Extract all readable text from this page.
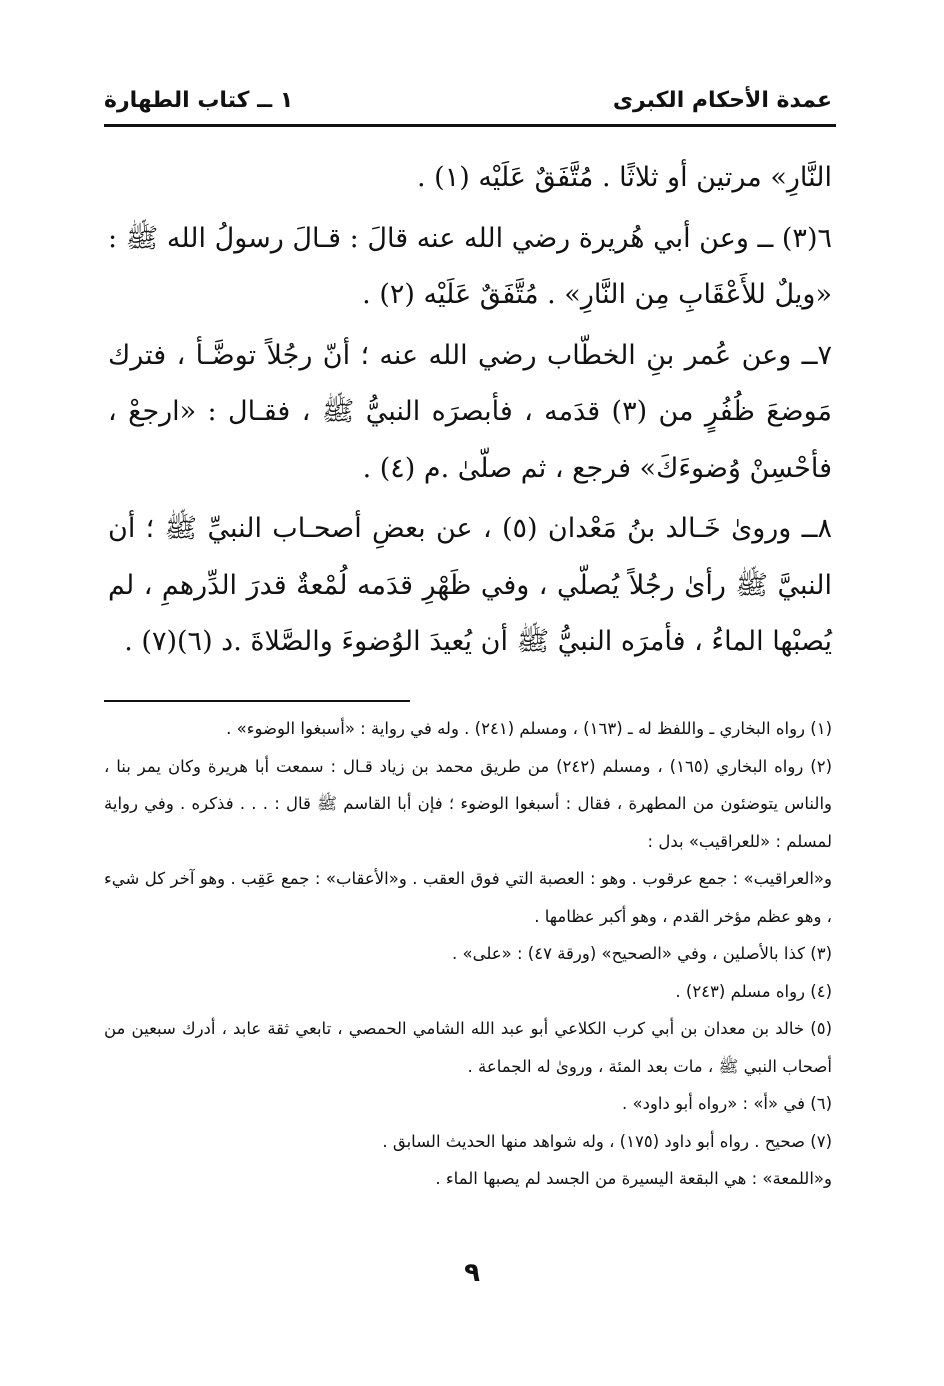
عمدة الأحكام الكبرى
١ ــ كتاب الطهارة

النَّارِ» مرتين أو ثلاثًا . مُتَّفَقٌ عَلَيْه (١) .

٦(٣) ــ وعن أبي هُريرة رضي الله عنه قالَ : قـالَ رسولُ الله ﷺ : «ويلٌ للأَعْقَابِ مِن النَّارِ» . مُتَّفَقٌ عَلَيْه (٢) .

٧ــ وعن عُمر بنِ الخطّاب رضي الله عنه ؛ أنّ رجُلاً توضَّـأ ، فترك مَوضعَ ظُفُرٍ من (٣) قدَمه ، فأبصرَه النبيُّ ﷺ ، فقـال : «ارجعْ ، فأحْسِنْ وُضوءَكَ» فرجع ، ثم صلّىٰ .م (٤) .

٨ــ وروىٰ خَـالد بنُ مَعْدان (٥) ، عن بعضِ أصحـاب النبيِّ ﷺ ؛ أن النبيَّ ﷺ رأىٰ رجُلاً يُصلّي ، وفي ظَهْرِ قدَمه لُمْعةٌ قدرَ الدِّرهمِ ، لم يُصبْها الماءُ ، فأمرَه النبيُّ ﷺ أن يُعيدَ الوُضوءَ والصَّلاةَ .د (٦)(٧) .

(١) رواه البخاري ـ واللفظ له ـ (١٦٣) ، ومسلم (٢٤١) . وله في رواية : «أسبغوا الوضوء» .

(٢) رواه البخاري (١٦٥) ، ومسلم (٢٤٢) من طريق محمد بن زياد قـال : سمعت أبا هريرة وكان يمر بنا ، والناس يتوضئون من المطهرة ، فقال : أسبغوا الوضوء ؛ فإن أبا القاسم ﷺ قال : . . . فذكره . وفي رواية لمسلم : «للعراقيب» بدل :

و«العراقيب» : جمع عرقوب . وهو : العصبة التي فوق العقب . و«الأعقاب» : جمع عَقِب . وهو آخر كل شيء ، وهو عظم مؤخر القدم ، وهو أكبر عظامها .

(٣) كذا بالأصلين ، وفي «الصحيح» (ورقة ٤٧) : «على» .

(٤) رواه مسلم (٢٤٣) .

(٥) خالد بن معدان بن أبي كرب الكلاعي أبو عبد الله الشامي الحمصي ، تابعي ثقة عابد ، أدرك سبعين من أصحاب النبي ﷺ ، مات بعد المئة ، وروىٰ له الجماعة .

(٦) في «أ» : «رواه أبو داود» .

(٧) صحيح . رواه أبو داود (١٧٥) ، وله شواهد منها الحديث السابق .

و«اللمعة» : هي البقعة اليسيرة من الجسد لم يصبها الماء .

٩
